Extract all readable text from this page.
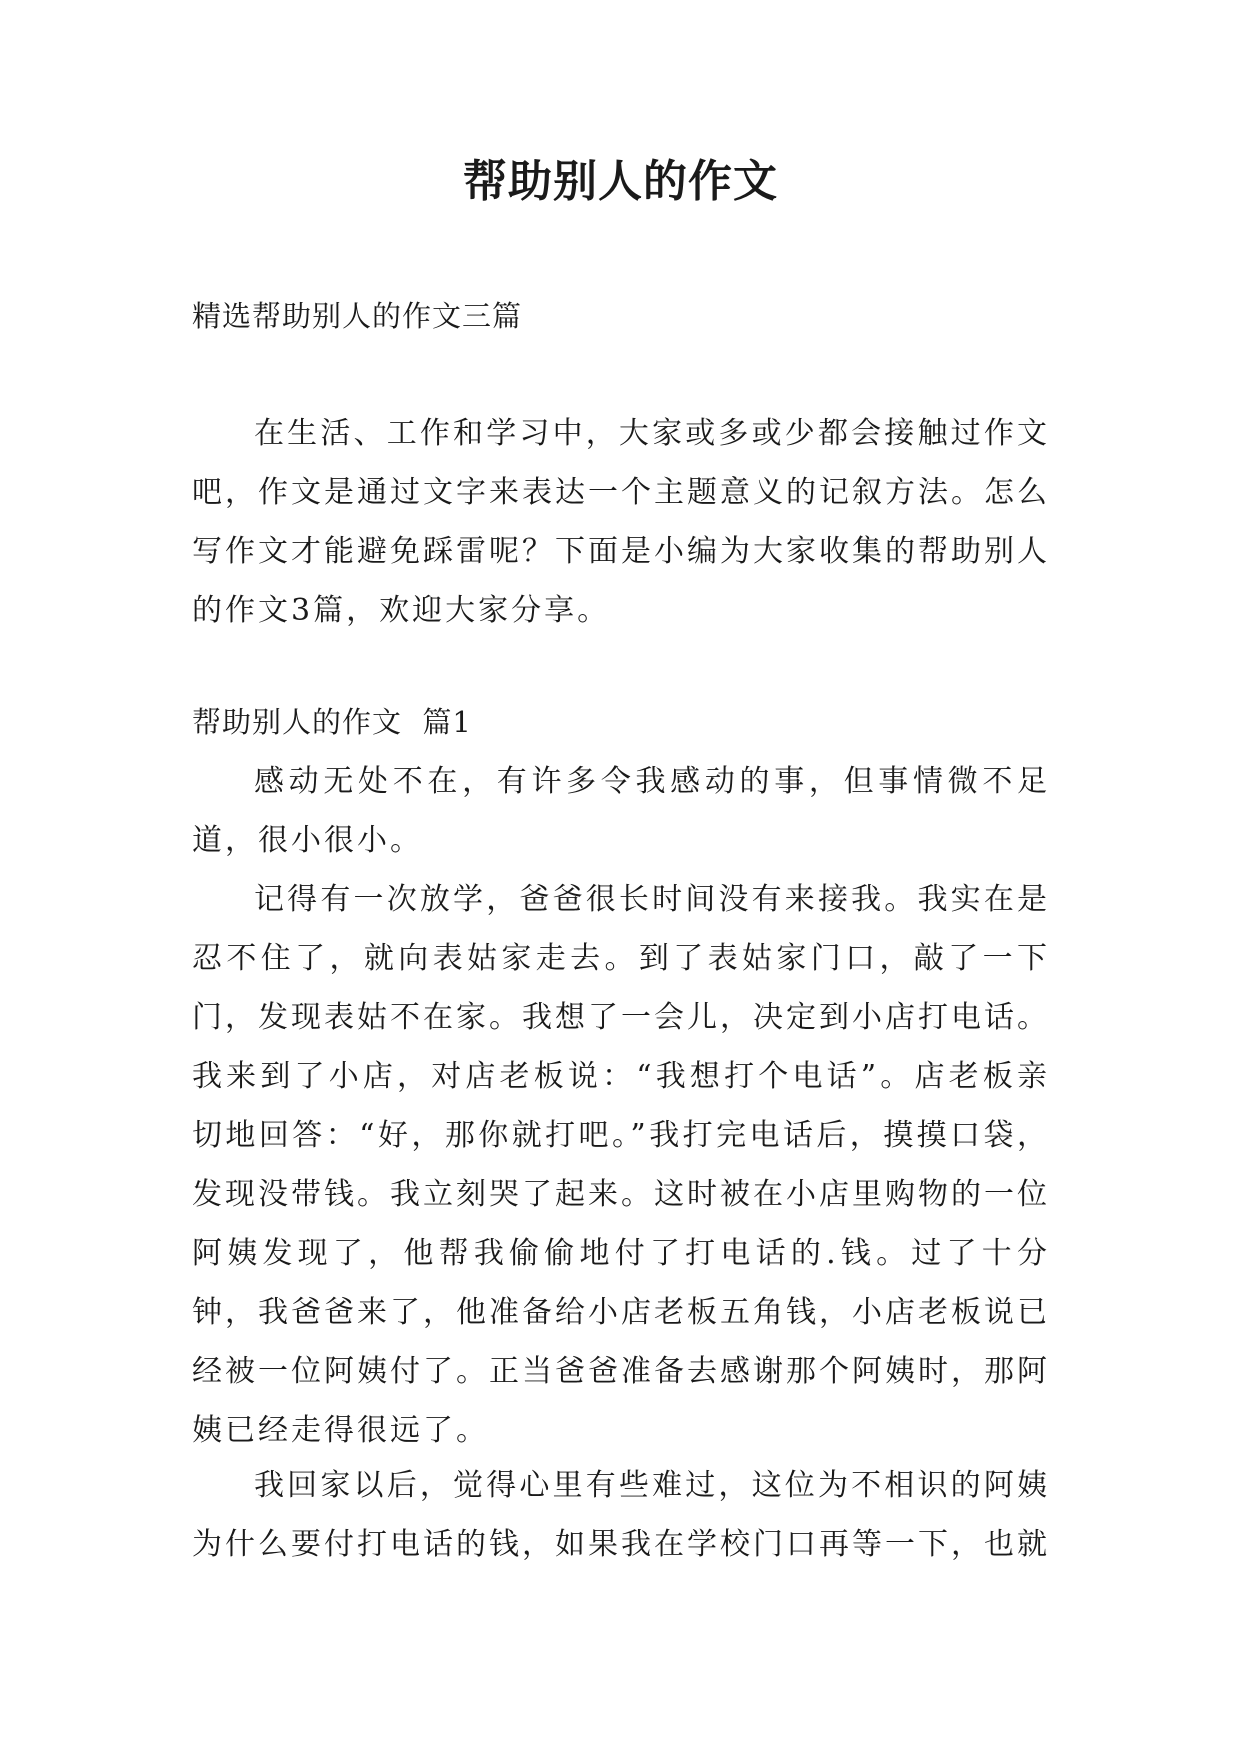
帮助别人的作文

精选帮助别人的作文三篇

在生活、工作和学习中，大家或多或少都会接触过作文吧，作文是通过文字来表达一个主题意义的记叙方法。怎么写作文才能避免踩雷呢？下面是小编为大家收集的帮助别人的作文3篇，欢迎大家分享。

帮助别人的作文  篇1

感动无处不在，有许多令我感动的事，但事情微不足道，很小很小。

记得有一次放学，爸爸很长时间没有来接我。我实在是忍不住了，就向表姑家走去。到了表姑家门口，敲了一下门，发现表姑不在家。我想了一会儿，决定到小店打电话。我来到了小店，对店老板说：“我想打个电话”。店老板亲切地回答：“好，那你就打吧。”我打完电话后，摸摸口袋，发现没带钱。我立刻哭了起来。这时被在小店里购物的一位阿姨发现了，他帮我偷偷地付了打电话的.钱。过了十分钟，我爸爸来了，他准备给小店老板五角钱，小店老板说已经被一位阿姨付了。正当爸爸准备去感谢那个阿姨时，那阿姨已经走得很远了。

我回家以后，觉得心里有些难过，这位为不相识的阿姨为什么要付打电话的钱，如果我在学校门口再等一下，也就
